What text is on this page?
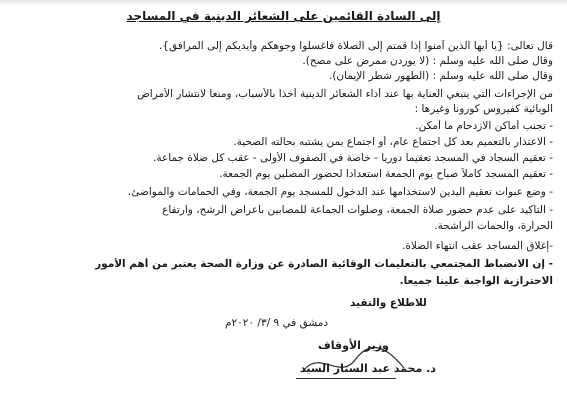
إلى السادة القائمين على الشعائر الدينية في المساجد
قال تعالى: {يا أيها الذين آمنوا إذا قمتم إلى الصلاة فاغسلوا وجوهكم وأيديكم إلى المرافق}.
وقال صلى الله عليه وسلم : (لا يوردن ممرض على مصح).
وقال صلى الله عليه وسلم : (الطهور شطر الإيمان).
من الإجراءات التي ينبغي العناية بها عند أداء الشعائر الدينية أخذاً بالأسباب، ومنعاً لانتشار الأمراض
الوبائية كفيروس كورونا وغيرها :
- تجنب أماكن الازدحام ما أمكن.
- الاعتذار بالتعميم بعد كل اجتماع عام، أو اجتماع بمن يشتبه بحالته الصحية.
- تعقيم السجاد في المسجد تعقيماً دورياً - خاصة في الصفوف الأولى - عقب كل صلاة جماعة.
- تعقيم المسجد كاملاً صباح يوم الجمعة استعداداً لحضور المصلين يوم الجمعة.
- وضع عبوات تعقيم اليدين لاستخدامها عند الدخول للمسجد يوم الجمعة، وفي الحمامات والمواضئ.
- التأكيد على عدم حضور صلاة الجمعة، وصلوات الجماعة للمصابين بأعراض الرشح، وارتفاع
الحرارة، والحمات الراشحة.
-إغلاق المساجد عقب انتهاء الصلاة.
- إن الانضباط المجتمعي بالتعليمات الوقائية الصادرة عن وزارة الصحة يعتبر من أهم الأمور
الاحترازية الواجبة علينا جميعاً.
للاطلاع والتقيد
دمشق في ٩ /٣/ ٢٠٢٠م
وزير الأوقاف
د. محمد عبد الستار السيد
